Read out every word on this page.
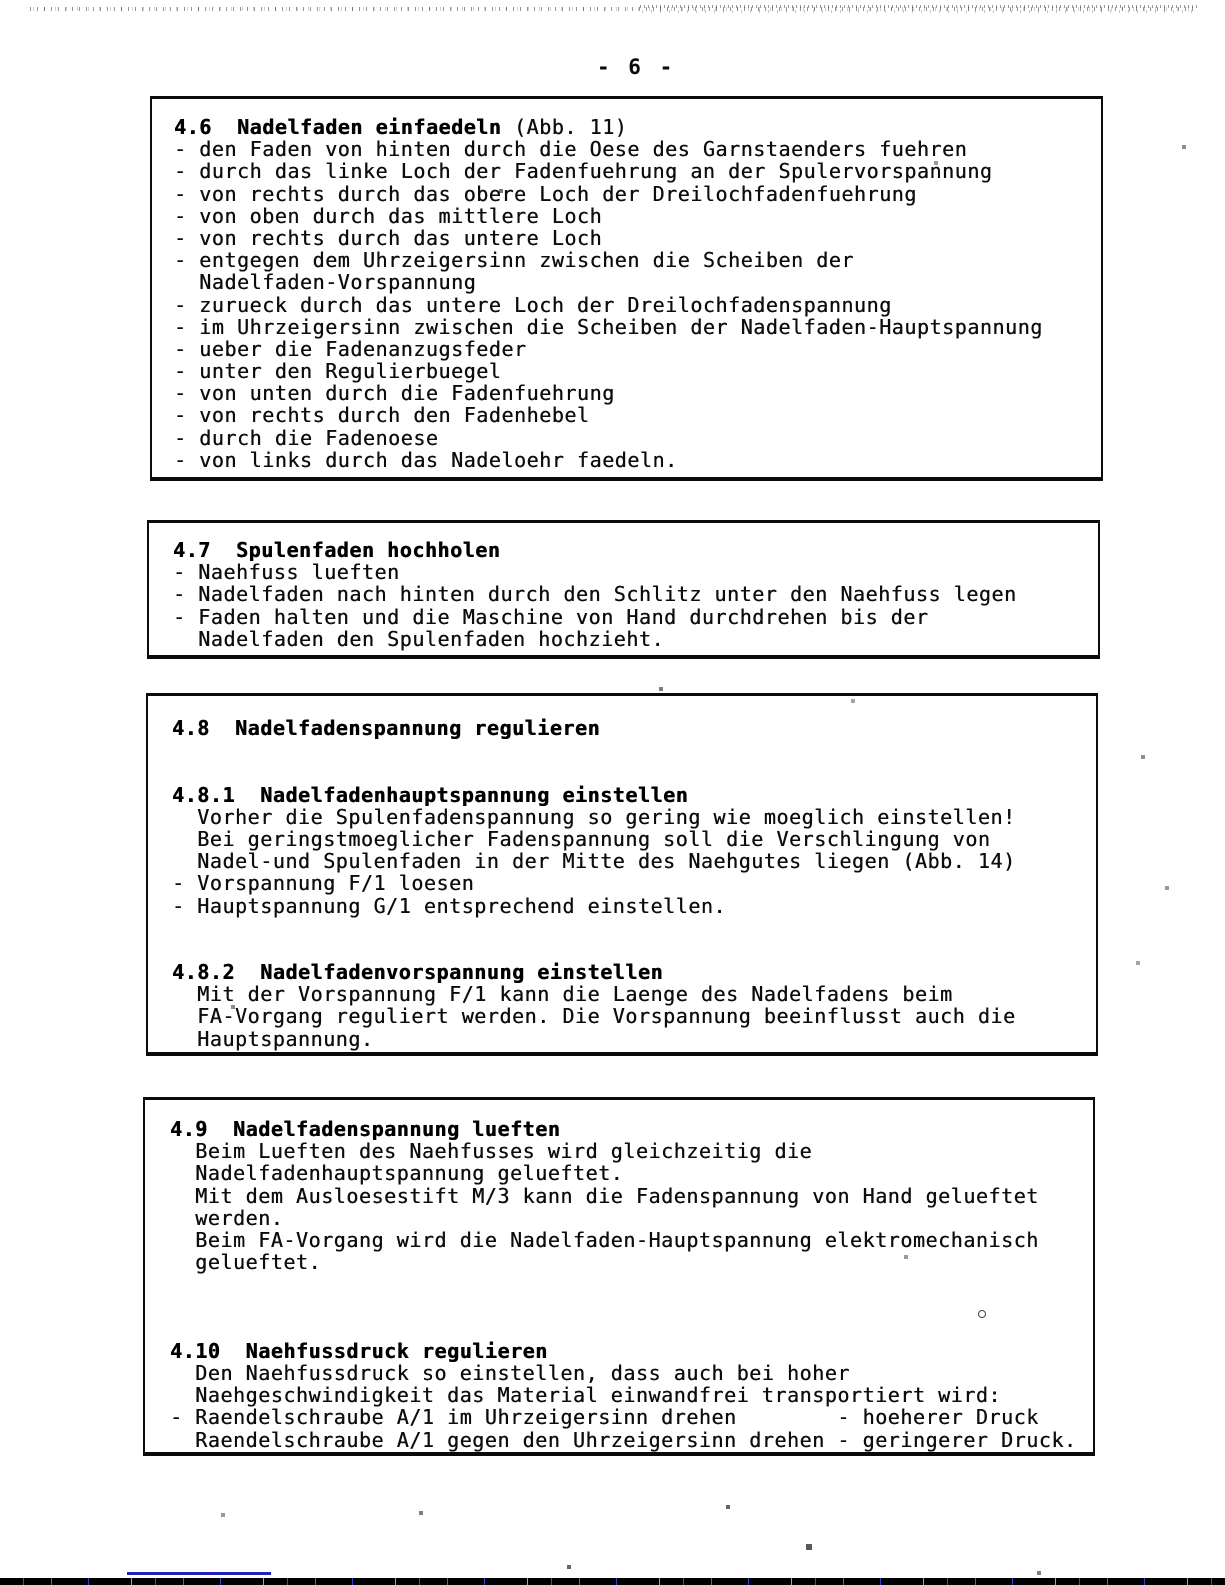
- 6 -
4.6  Nadelfaden einfaedeln (Abb. 11)
- den Faden von hinten durch die Oese des Garnstaenders fuehren
- durch das linke Loch der Fadenfuehrung an der Spulervorspannung
- von rechts durch das obere Loch der Dreilochfadenfuehrung
- von oben durch das mittlere Loch
- von rechts durch das untere Loch
- entgegen dem Uhrzeigersinn zwischen die Scheiben der
Nadelfaden-Vorspannung
- zurueck durch das untere Loch der Dreilochfadenspannung
- im Uhrzeigersinn zwischen die Scheiben der Nadelfaden-Hauptspannung
- ueber die Fadenanzugsfeder
- unter den Regulierbuegel
- von unten durch die Fadenfuehrung
- von rechts durch den Fadenhebel
- durch die Fadenoese
- von links durch das Nadeloehr faedeln.
4.7  Spulenfaden hochholen
- Naehfuss lueften
- Nadelfaden nach hinten durch den Schlitz unter den Naehfuss legen
- Faden halten und die Maschine von Hand durchdrehen bis der
Nadelfaden den Spulenfaden hochzieht.
4.8  Nadelfadenspannung regulieren

4.8.1  Nadelfadenhauptspannung einstellen
Vorher die Spulenfadenspannung so gering wie moeglich einstellen!
Bei geringstmoeglicher Fadenspannung soll die Verschlingung von
Nadel-und Spulenfaden in der Mitte des Naehgutes liegen (Abb. 14)
- Vorspannung F/1 loesen
- Hauptspannung G/1 entsprechend einstellen.

4.8.2  Nadelfadenvorspannung einstellen
Mit der Vorspannung F/1 kann die Laenge des Nadelfadens beim
FA-Vorgang reguliert werden. Die Vorspannung beeinflusst auch die
Hauptspannung.
4.9  Nadelfadenspannung lueften
Beim Lueften des Naehfusses wird gleichzeitig die
Nadelfadenhauptspannung gelueftet.
Mit dem Ausloesestift M/3 kann die Fadenspannung von Hand gelueftet
werden.
Beim FA-Vorgang wird die Nadelfaden-Hauptspannung elektromechanisch
gelueftet.

4.10  Naehfussdruck regulieren
Den Naehfussdruck so einstellen, dass auch bei hoher
Naehgeschwindigkeit das Material einwandfrei transportiert wird:
- Raendelschraube A/1 im Uhrzeigersinn drehen        - hoeherer Druck
Raendelschraube A/1 gegen den Uhrzeigersinn drehen - geringerer Druck.
